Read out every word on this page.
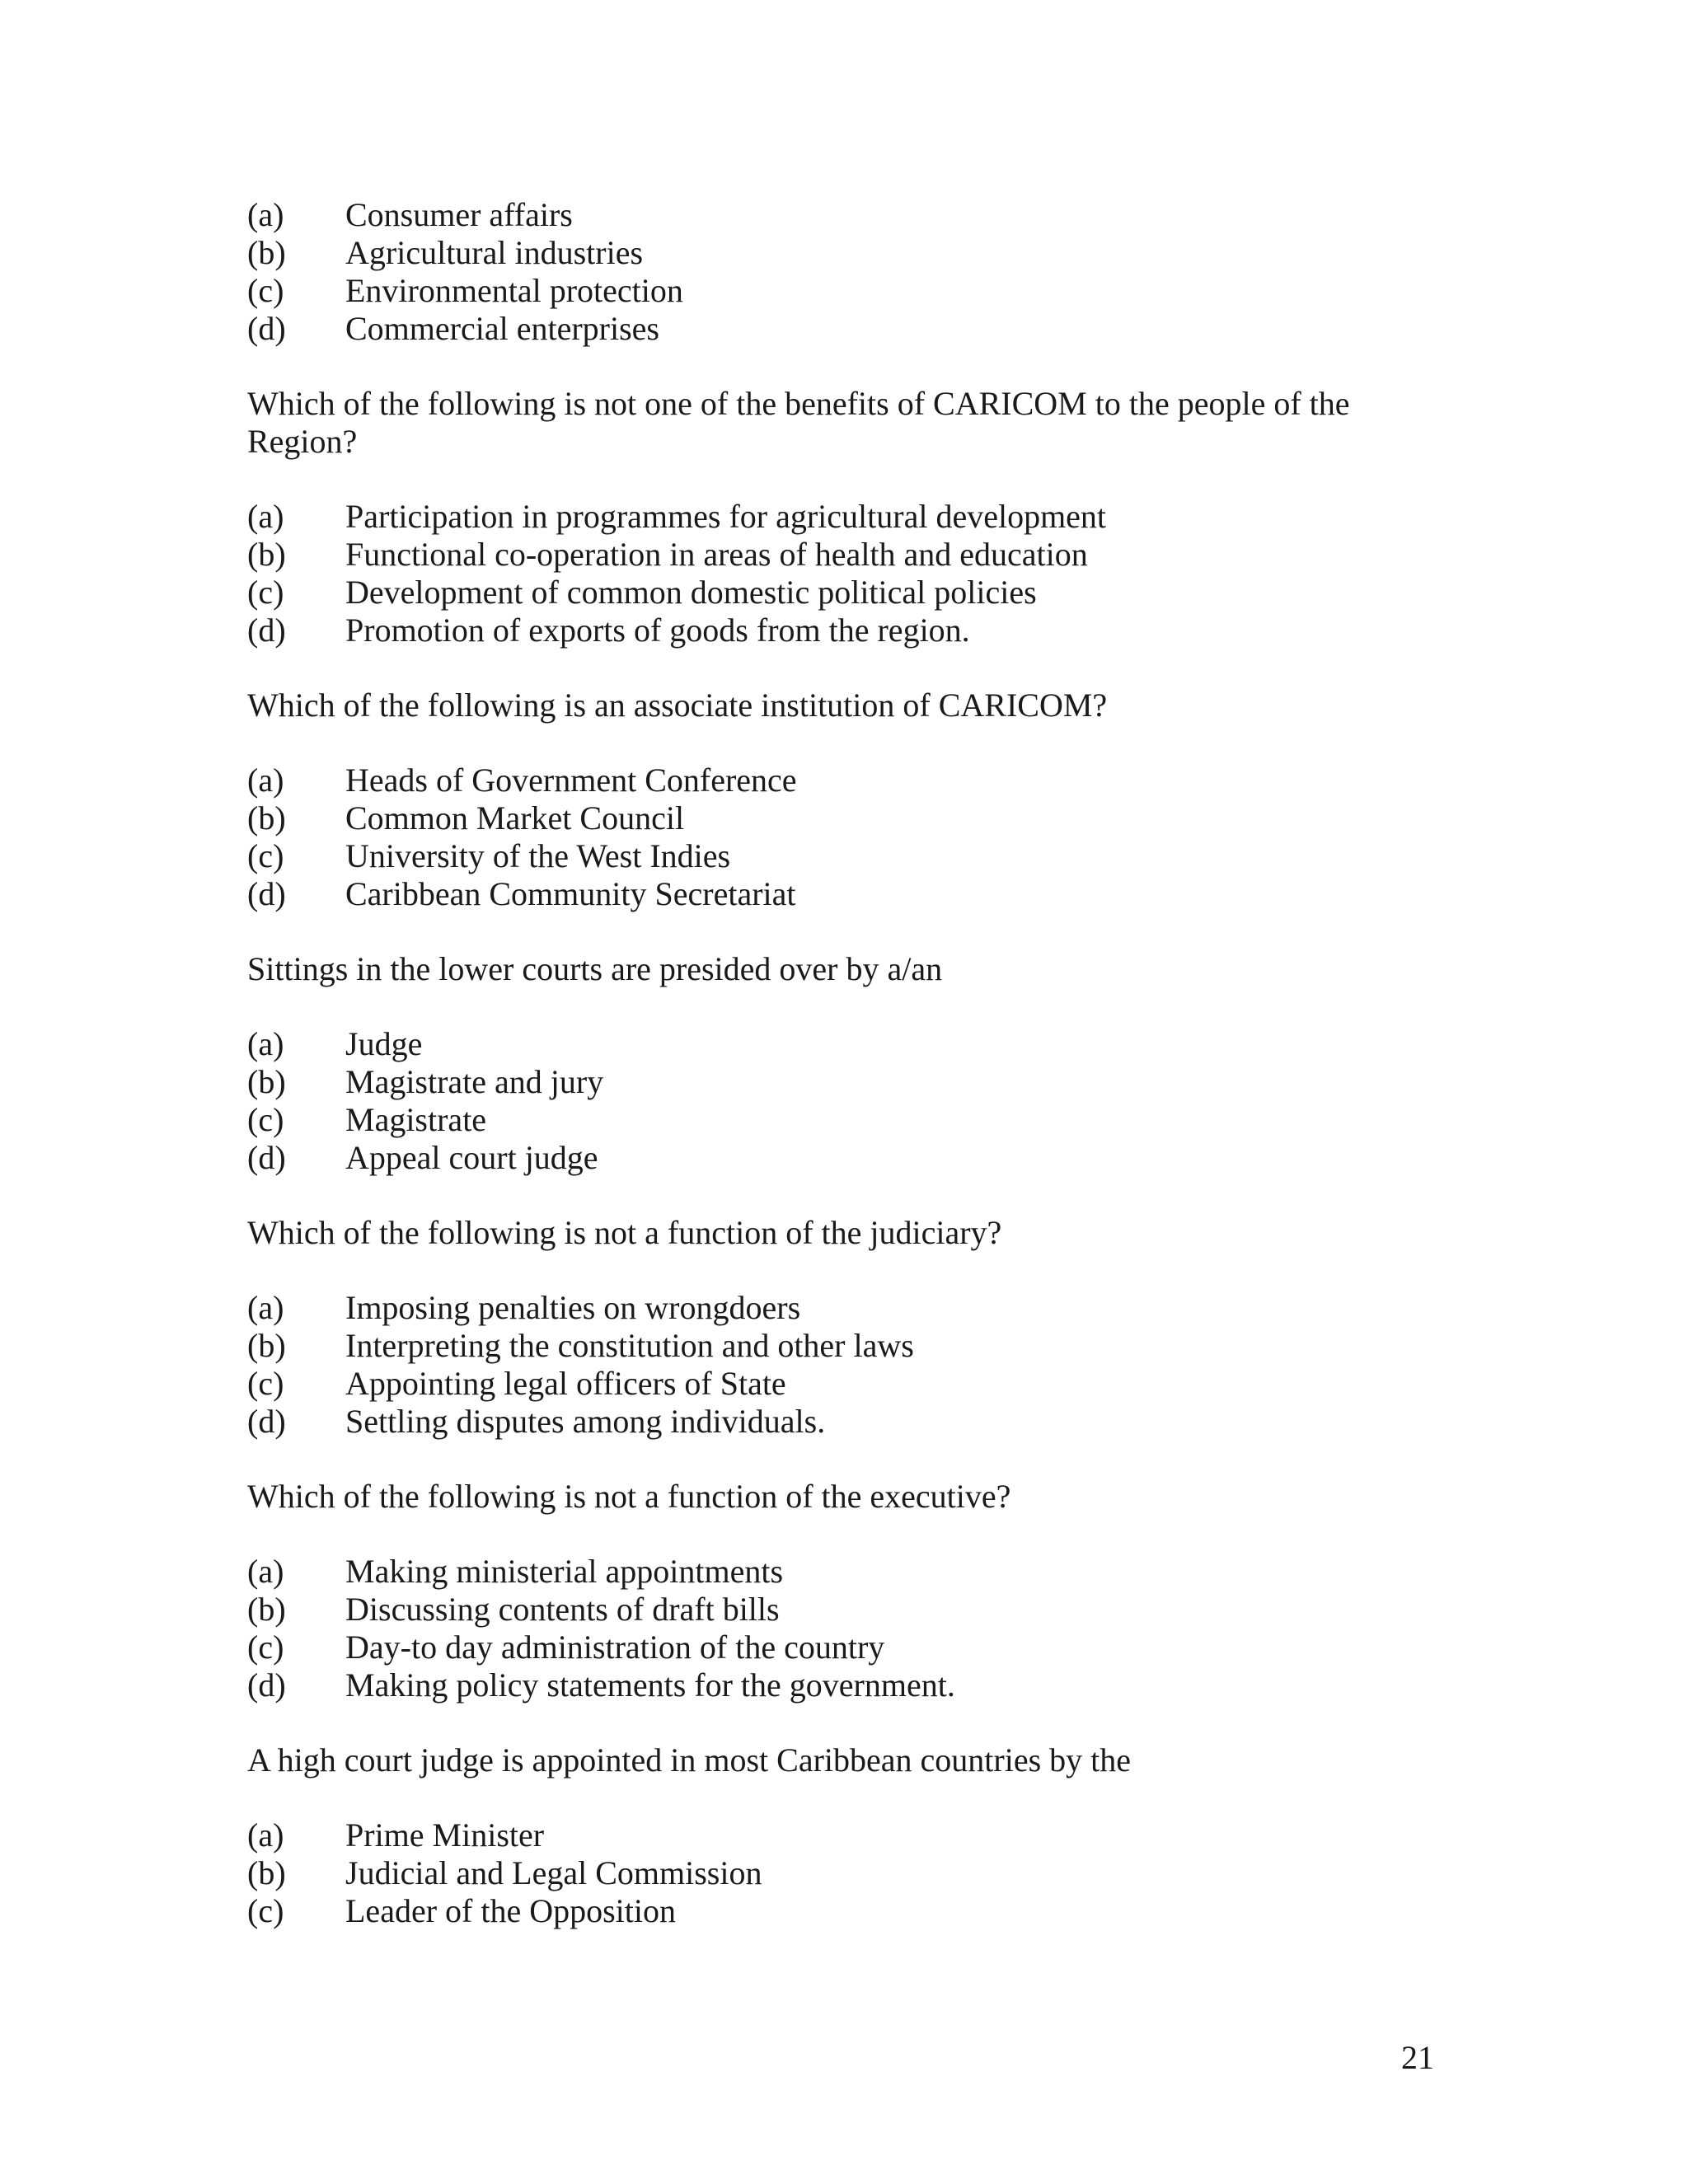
(a)	Consumer affairs
(b)	Agricultural industries
(c)	Environmental protection
(d)	Commercial enterprises
Which of the following is not one of the benefits of CARICOM to the people of the Region?
(a)	Participation in programmes for agricultural development
(b)	Functional co-operation in areas of health and education
(c)	Development of common domestic political policies
(d)	Promotion of exports of goods from the region.
Which of the following is an associate institution of CARICOM?
(a)	Heads of Government Conference
(b)	Common Market Council
(c)	University of the West Indies
(d)	Caribbean Community Secretariat
Sittings in the lower courts are presided over by a/an
(a)	Judge
(b)	Magistrate and jury
(c)	Magistrate
(d)	Appeal court judge
Which of the following is not a function of the judiciary?
(a)	Imposing penalties on wrongdoers
(b)	Interpreting the constitution and other laws
(c)	Appointing legal officers of State
(d)	Settling disputes among individuals.
Which of the following is not a function of the executive?
(a)	Making ministerial appointments
(b)	Discussing contents of draft bills
(c)	Day-to day administration of the country
(d)	Making policy statements for the government.
A high court judge is appointed in most Caribbean countries by the
(a)	Prime Minister
(b)	Judicial and Legal Commission
(c)	Leader of the Opposition
21
